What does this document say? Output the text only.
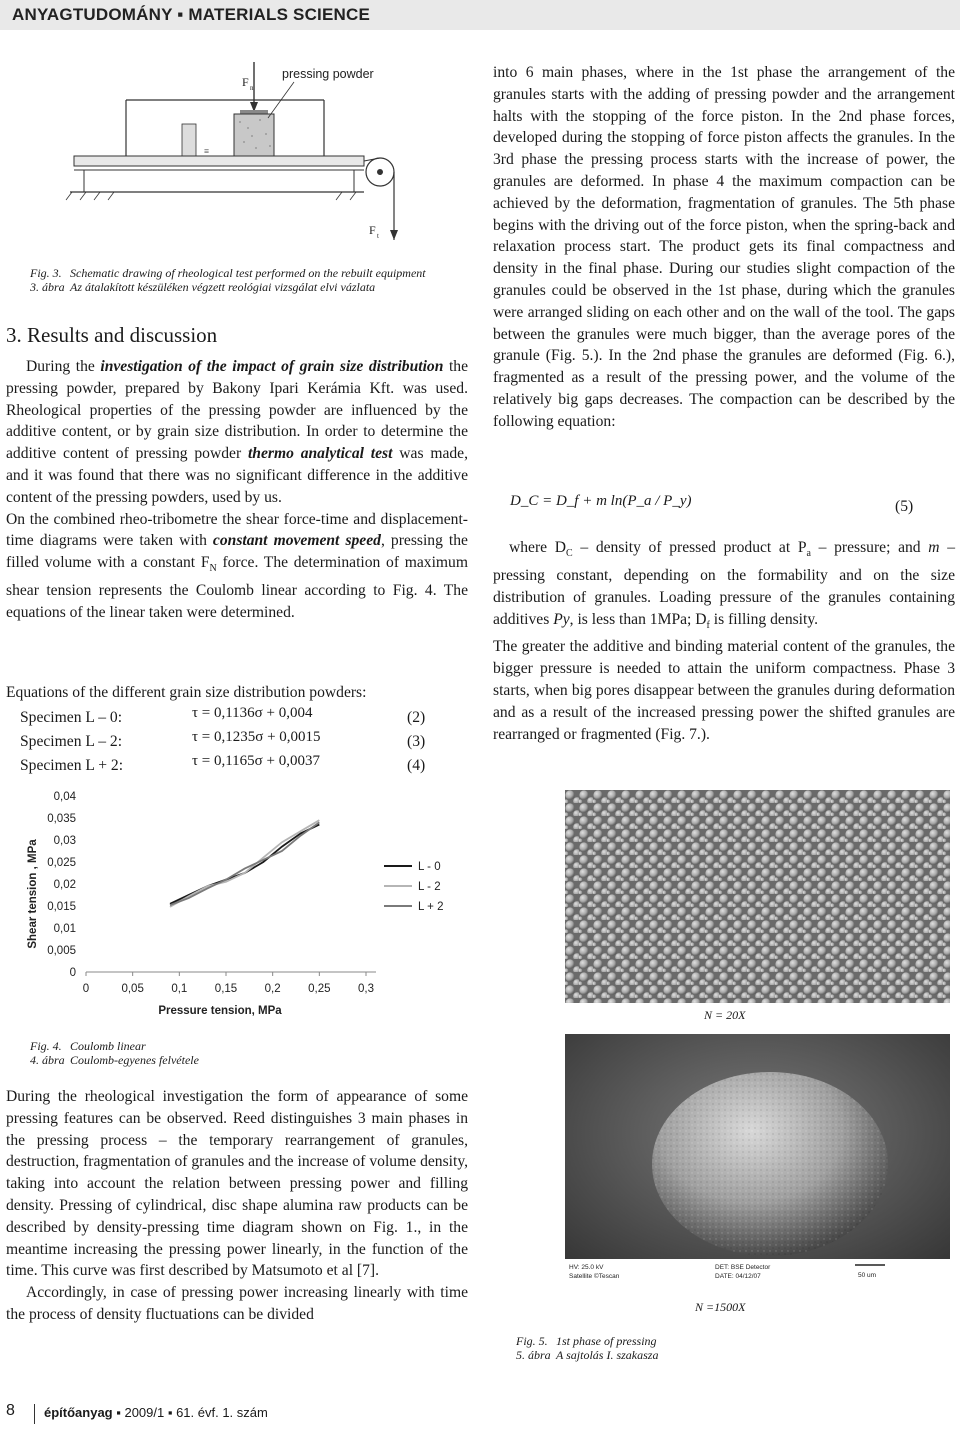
ANYAGTUDOMÁNY ▪ MATERIALS SCIENCE
≡
F n
pressing powder
F t
Fig. 3. Schematic drawing of rheological test performed on the rebuilt equipment
3. ábra Az átalakított készüléken végzett reológiai vizsgálat elvi vázlata
3. Results and discussion

During the investigation of the impact of grain size distribution the pressing powder, prepared by Bakony Ipari Kerámia Kft. was used. Rheological properties of the pressing powder are influenced by the additive content, or by grain size distribution. In order to determine the additive content of pressing powder thermo analytical test was made, and it was found that there was no significant difference in the additive content of the pressing powders, used by us.

On the combined rheo-tribometre the shear force-time and displacement-time diagrams were taken with constant movement speed, pressing the filled volume with a constant $F_N$ force. The determination of maximum shear tension represents the Coulomb linear according to Fig. 4. The equations of the linear taken were determined.

Equations of the different grain size distribution powders:
Specimen L – 0:	τ = 0,1136σ + 0,004	(2)
Specimen L – 2:	τ = 0,1235σ + 0,0015	(3)
Specimen L + 2:	τ = 0,1165σ + 0,0037	(4)
0	0,05 0,1 0,15 0,2 0,25 0,3
0
0,005
0,01
0,015
0,02
0,025
0,03
0,035
0,04
L - 0
L - 2
L + 2
Shear tension , MPa
Pressure tension, MPa
Fig. 4. Coulomb linear
4. ábra Coulomb-egyenes felvétele

During the rheological investigation the form of appearance of some pressing features can be observed. Reed distinguishes 3 main phases in the pressing process – the temporary rearrangement of granules, destruction, fragmentation of granules and the increase of volume density, taking into account the relation between pressing power and filling density. Pressing of cylindrical, disc shape alumina raw products can be described by density-pressing time diagram shown on Fig. 1., in the meantime increasing the pressing power linearly, in the function of the time. This curve was first described by Matsumoto et al [7].

Accordingly, in case of pressing power increasing linearly with time the process of density fluctuations can be divided

into 6 main phases, where in the 1st phase the arrangement of the granules starts with the adding of pressing powder and the arrangement halts with the stopping of the force piston. In the 2nd phase forces, developed during the stopping of force piston affects the granules. In the 3rd phase the pressing process starts with the increase of power, the granules are deformed. In phase 4 the maximum compaction can be achieved by the deformation, fragmentation of granules. The 5th phase begins with the driving out of the force piston, when the spring-back and relaxation process start. The product gets its final compactness and density in the final phase. During our studies slight compaction of the granules could be observed in the 1st phase, during which the granules were arranged sliding on each other and on the wall of the tool. The gaps between the granules were much bigger, than the average pores of the granule (Fig. 5.). In the 2nd phase the granules are deformed (Fig. 6.), fragmented as a result of the pressing power, and the volume of the relatively big gaps decreases. The compaction can be described by the following equation:
D_C = D_f + m ln(P_a / P_y)	(5)

where $D_C$ – density of pressed product at $P_a$ – pressure; and m – pressing constant, depending on the formability and on the size distribution of granules. Loading pressure of the granules containing additives Py, is less than 1MPa; $D_f$ is filling density.

The greater the additive and binding material content of the granules, the bigger pressure is needed to attain the uniform compactness. Phase 3 starts, when big pores disappear between the granules during deformation and as a result of the increased pressing power the shifted granules are rearranged or fragmented (Fig. 7.).

N = 20X
HV: 25.0 kV
Satellite ©Tescan
DET: BSE Detector
DATE: 04/12/07	50 um
N =1500X
Fig. 5. 1st phase of pressing
5. ábra A sajtolás I. szakasza
8 építőanyag ▪ 2009/1 ▪ 61. évf. 1. szám
